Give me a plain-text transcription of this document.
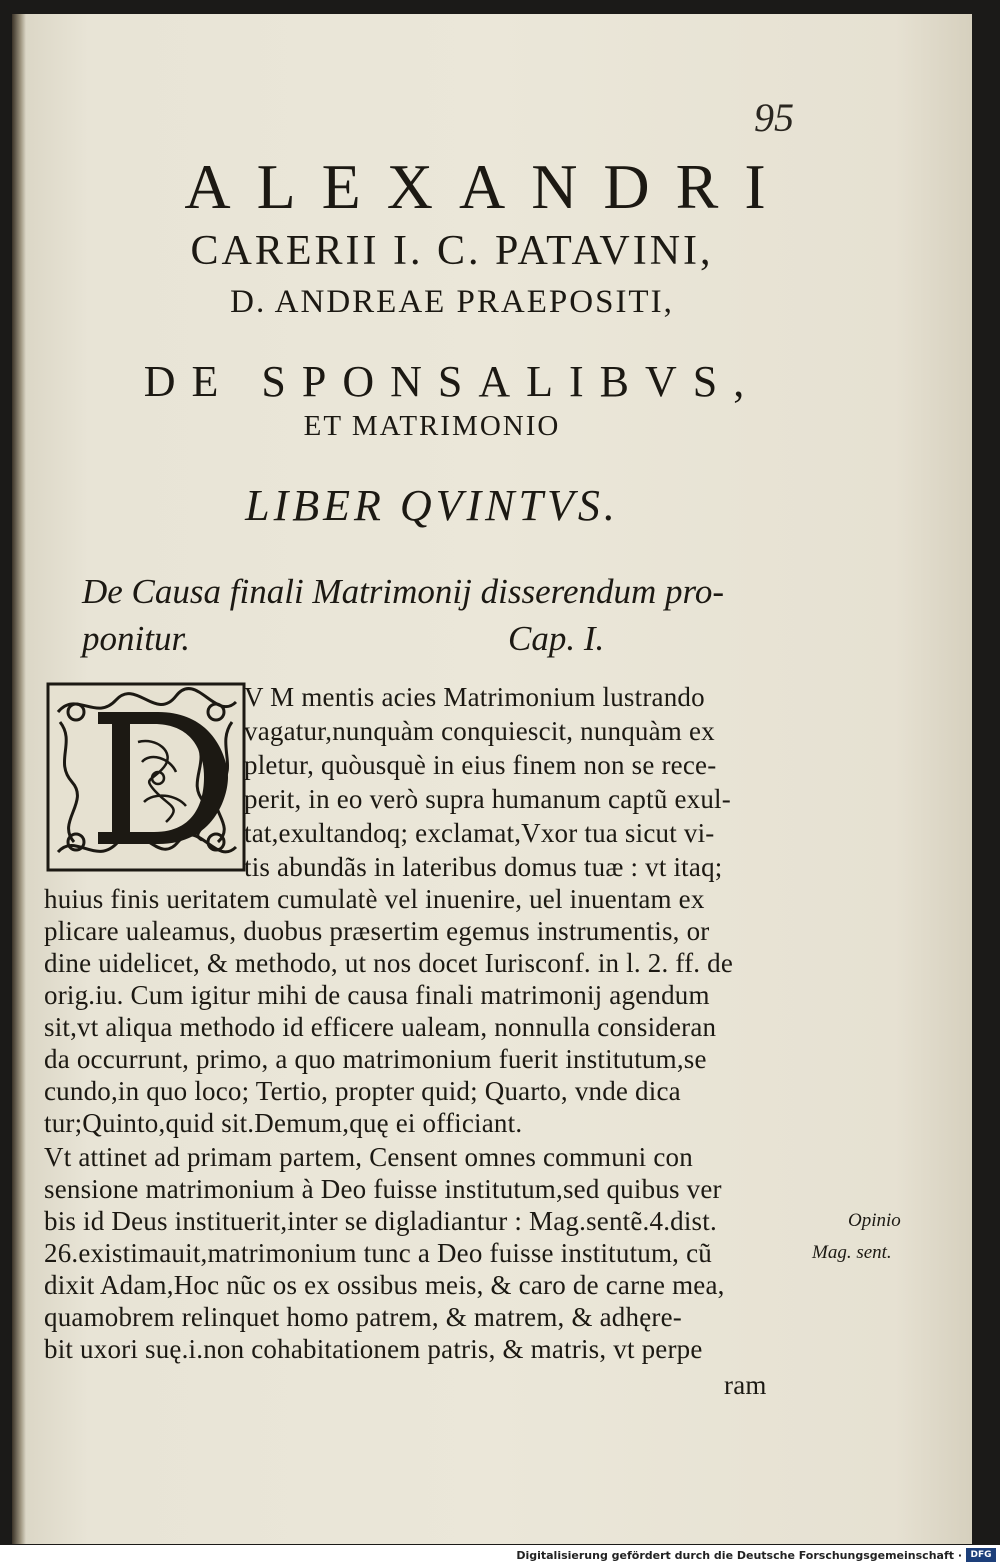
95
ALEXANDRI
CARERII I. C. PATAVINI,
D. ANDREAE PRAEPOSITI,
DE SPONSALIBVS,
ET MATRIMONIO
LIBER QVINTVS.
De Causa finali Matrimonij disserendum pro-
ponitur.	Cap. I.
V M mentis acies Matrimonium lustrando
vagatur,nunquàm conquiescit, nunquàm ex
pletur, quòusquè in eius finem non se rece-
perit, in eo verò supra humanum captũ exul-
tat,exultandoq; exclamat,Vxor tua sicut vi-
tis abundãs in lateribus domus tuæ : vt itaq;
huius finis ueritatem cumulatè vel inuenire, uel inuentam ex
plicare ualeamus, duobus præsertim egemus instrumentis, or
dine uidelicet, & methodo, ut nos docet Iurisconf. in l. 2. ff. de
orig.iu. Cum igitur mihi de causa finali matrimonij agendum
sit,vt aliqua methodo id efficere ualeam, nonnulla consideran
da occurrunt, primo, a quo matrimonium fuerit institutum,se
cundo,in quo loco; Tertio, propter quid; Quarto, vnde dica
tur;Quinto,quid sit.Demum,quę ei officiant.
Vt attinet ad primam partem, Censent omnes communi con
sensione matrimonium à Deo fuisse institutum,sed quibus ver
bis id Deus instituerit,inter se digladiantur : Mag.sentẽ.4.dist.
26.existimauit,matrimonium tunc a Deo fuisse institutum, cũ
dixit Adam,Hoc nũc os ex ossibus meis, & caro de carne mea,
quamobrem relinquet homo patrem, & matrem, & adhęre-
bit uxori suę.i.non cohabitationem patris, & matris, vt perpe
ram
Opinio
Mag. sent.
Digitalisierung gefördert durch die Deutsche Forschungsgemeinschaft · DFG
